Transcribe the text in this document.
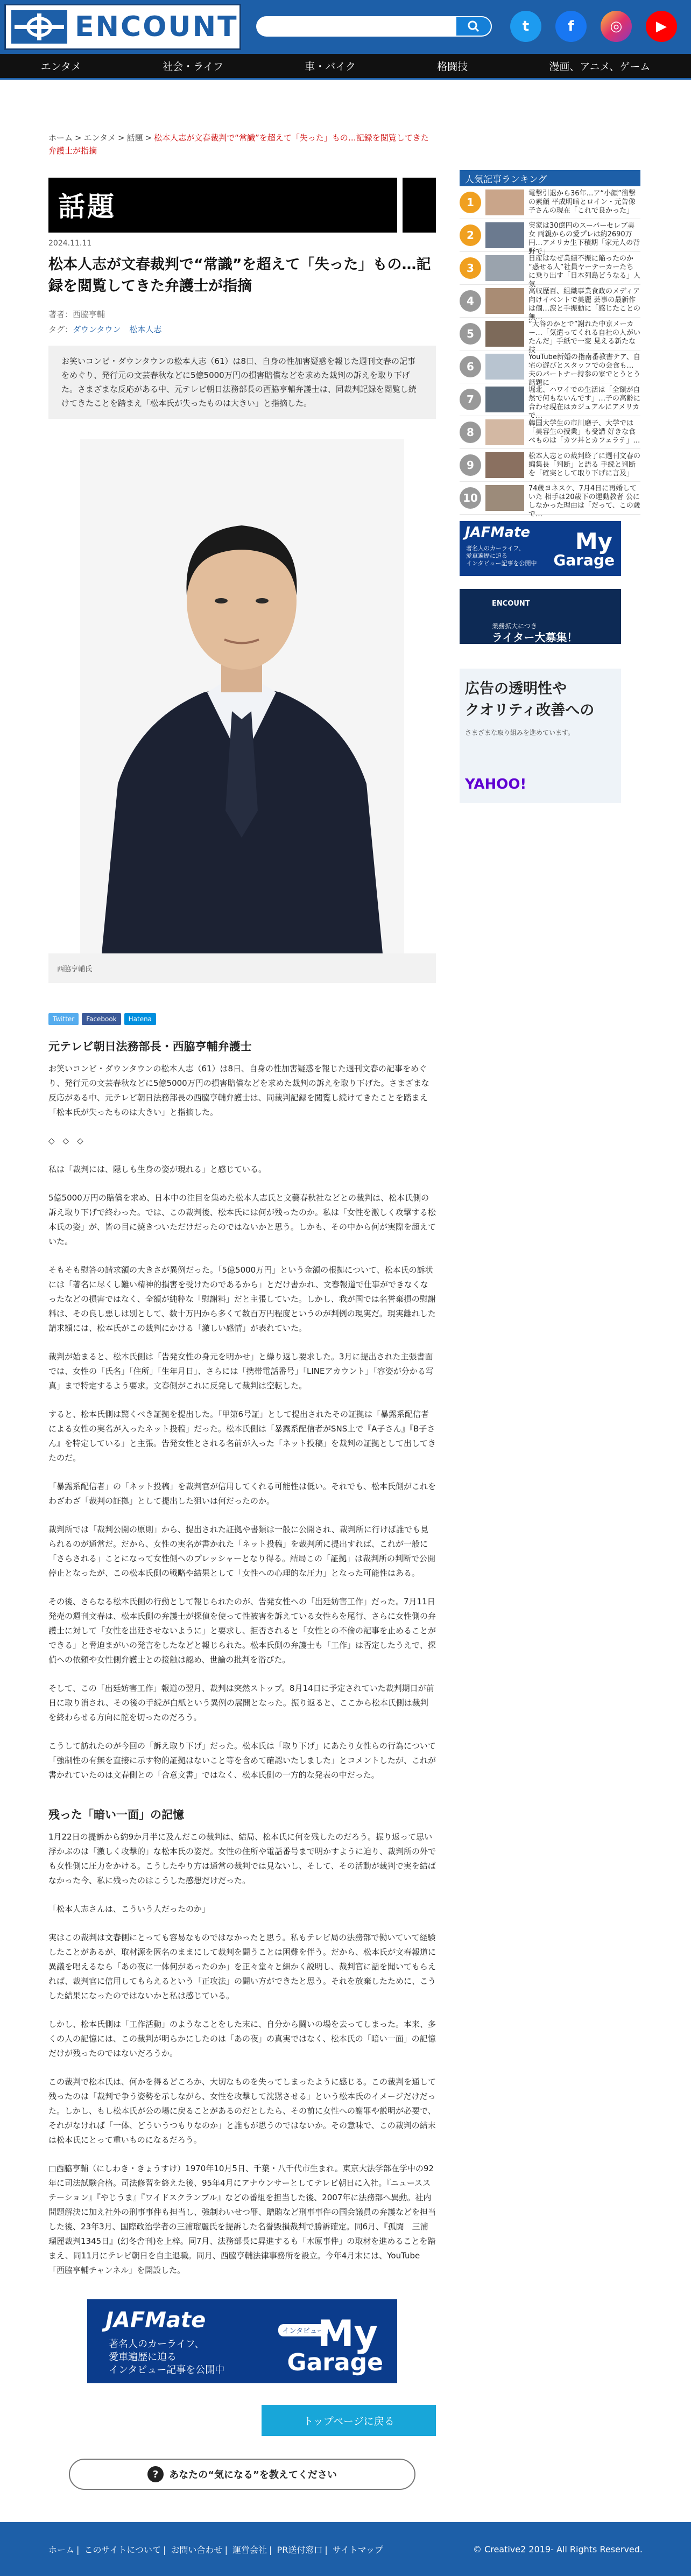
ENCOUNT	t	f	◎	▶
エンタメ	社会・ライフ	車・バイク	格闘技	漫画、アニメ、ゲーム
ホーム > エンタメ > 話題 > 松本人志が文春裁判で“常識”を超えて「失った」もの…記録を閲覧してきた弁護士が指摘
話題
2024.11.11
松本人志が文春裁判で“常識”を超えて「失った」もの…記録を閲覧してきた弁護士が指摘
著者：西脇亨輔
タグ：ダウンタウン 松本人志
お笑いコンビ・ダウンタウンの松本人志（61）は8日、自身の性加害疑惑を報じた週刊文春の記事をめぐり、発行元の文芸春秋などに5億5000万円の損害賠償などを求めた裁判の訴えを取り下げた。さまざまな反応がある中、元テレビ朝日法務部長の西脇亨輔弁護士は、同裁判記録を閲覧し続けてきたことを踏まえ「松本氏が失ったものは大きい」と指摘した。
西脇亨輔氏
Twitter	Facebook	Hatena
元テレビ朝日法務部長・西脇亨輔弁護士

お笑いコンビ・ダウンタウンの松本人志（61）は8日、自身の性加害疑惑を報じた週刊文春の記事をめぐり、発行元の文芸春秋などに5億5000万円の損害賠償などを求めた裁判の訴えを取り下げた。さまざまな反応がある中、元テレビ朝日法務部長の西脇亨輔弁護士は、同裁判記録を閲覧し続けてきたことを踏まえ「松本氏が失ったものは大きい」と指摘した。

◇　◇　◇

私は「裁判には、隠しも生身の姿が現れる」と感じている。

5億5000万円の賠償を求め、日本中の注目を集めた松本人志氏と文藝春秋社などとの裁判は、松本氏側の訴え取り下げで終わった。では、この裁判後、松本氏には何が残ったのか。私は「女性を激しく攻撃する松本氏の姿」が、皆の目に焼きついただけだったのではないかと思う。しかも、その中から何が実際を超えていた。

そもそも慰答の請求額の大きさが異例だった。「5億5000万円」という金額の根拠について、松本氏の訴状には「著名に尽くし難い精神的損害を受けたのであるから」とだけ書かれ、文春報道で仕事ができなくなったなどの損害ではなく、全額が純粋な「慰謝料」だと主張していた。しかし、我が国では名誉棄損の慰謝料は、その良し悪しは別として、数十万円から多くて数百万円程度というのが判例の現実だ。現実離れした請求額には、松本氏がこの裁判にかける「激しい感情」が表れていた。

裁判が始まると、松本氏側は「告発女性の身元を明かせ」と繰り返し要求した。3月に提出された主張書面では、女性の「氏名」「住所」「生年月日」、さらには「携帯電話番号」「LINEアカウント」「容姿が分かる写真」まで特定するよう要求。文春側がこれに反発して裁判は空転した。

すると、松本氏側は驚くべき証拠を提出した。「甲第6号証」として提出されたその証拠は「暴露系配信者による女性の実名が入ったネット投稿」だった。松本氏側は「暴露系配信者がSNS上で『A子さん』『B子さん』を特定している」と主張。告発女性とされる名前が入った「ネット投稿」を裁判の証拠として出してきたのだ。

「暴露系配信者」の「ネット投稿」を裁判官が信用してくれる可能性は低い。それでも、松本氏側がこれをわざわざ「裁判の証拠」として提出した狙いは何だったのか。

裁判所では「裁判公開の原則」から、提出された証拠や書類は一般に公開され、裁判所に行けば誰でも見られるのが通常だ。だから、女性の実名が書かれた「ネット投稿」を裁判所に提出すれば、これが一般に「さらされる」ことになって女性側へのプレッシャーとなり得る。結局この「証拠」は裁判所の判断で公開停止となったが、この松本氏側の戦略や結果として「女性への心理的な圧力」となった可能性はある。

その後、さらなる松本氏側の行動として報じられたのが、告発女性への「出廷妨害工作」だった。7月11日発売の週刊文春は、松本氏側の弁護士が探偵を使って性被害を訴えている女性らを尾行、さらに女性側の弁護士に対して「女性を出廷させないように」と要求し、拒否されると「女性との不倫の記事を止めることができる」と脅迫まがいの発言をしたなどと報じられた。松本氏側の弁護士も「工作」は否定したうえで、探偵への依頼や女性側弁護士との接触は認め、世論の批判を浴びた。

そして、この「出廷妨害工作」報道の翌月、裁判は突然ストップ。8月14日に予定されていた裁判期日が前日に取り消され、その後の手続が白紙という異例の展開となった。振り返ると、ここから松本氏側は裁判を終わらせる方向に舵を切ったのだろう。

こうして訪れたのが今回の「訴え取り下げ」だった。松本氏は「取り下げ」にあたり女性らの行為について「強制性の有無を直接に示す物的証拠はないこと等を含めて確認いたしました」とコメントしたが、これが書かれていたのは文春側との「合意文書」ではなく、松本氏側の一方的な発表の中だった。

残った「暗い一面」の記憶

1月22日の提訴から約9か月半に及んだこの裁判は、結局、松本氏に何を残したのだろう。振り返って思い浮かぶのは「激しく攻撃的」な松本氏の姿だ。女性の住所や電話番号まで明かすように迫り、裁判所の外でも女性側に圧力をかける。こうしたやり方は通常の裁判では見ないし、そして、その活動が裁判で実を結ばなかった今、私に残ったのはこうした感想だけだった。

「松本人志さんは、こういう人だったのか」

実はこの裁判は文春側にとっても容易なものではなかったと思う。私もテレビ局の法務部で働いていて経験したことがあるが、取材源を匿名のままにして裁判を闘うことは困難を伴う。だから、松本氏が文春報道に異議を唱えるなら「あの夜に一体何があったのか」を正々堂々と細かく説明し、裁判官に話を聞いてもらえれば、裁判官に信用してもらえるという「正攻法」の闘い方ができたと思う。それを放棄したために、こうした結果になったのではないかと私は感じている。

しかし、松本氏側は「工作活動」のようなことをした末に、自分から闘いの場を去ってしまった。本来、多くの人の記憶には、この裁判が明らかにしたのは「あの夜」の真実ではなく、松本氏の「暗い一面」の記憶だけが残ったのではないだろうか。

この裁判で松本氏は、何かを得るどころか、大切なものを失ってしまったように感じる。この裁判を通して残ったのは「裁判で争う姿勢を示しながら、女性を攻撃して沈黙させる」という松本氏のイメージだけだった。しかし、もし松本氏が公の場に戻ることがあるのだとしたら、その前に女性への謝罪や説明が必要で、それがなければ「一体、どういうつもりなのか」と誰もが思うのではないか。その意味で、この裁判の結末は松本氏にとって重いものになるだろう。

□西脇亨輔（にしわき・きょうすけ）1970年10月5日、千葉・八千代市生まれ。東京大法学部在学中の92年に司法試験合格。司法修習を終えた後、95年4月にアナウンサーとしてテレビ朝日に入社。『ニュースステーション』『やじうま』『ワイドスクランブル』などの番組を担当した後、2007年に法務部へ異動。社内問題解決に加え社外の刑事事件も担当し、強制わいせつ罪、贈賄など刑事事件の国会議員の弁護などを担当した後、23年3月、国際政治学者の三浦瑠麗氏を提訴した名誉毀損裁判で勝訴確定。同6月、『孤闘　三浦瑠麗裁判1345日』(幻冬舎刊)を上梓。同7月、法務部長に昇進するも「木原事件」の取材を進めることを踏まえ、同11月にテレビ朝日を自主退職。同月、西脇亨輔法律事務所を設立。今年4月末には、YouTube「西脇亨輔チャンネル」を開設した。

JAFMate
著名人のカーライフ、
愛車遍歴に迫る
インタビュー記事を公開中
インタビュー
My
Garage
トップページに戻る
?	あなたの“気になる”を教えてください
人気記事ランキング
1
電撃引退から36年…ア“小顔”衝撃の素顔 平成明暗とロイン・元告像子さんの現在「これで良かった」
2
実家は30億円のスーパーセレブ美女 両親からの愛プレは約2690万円…アメリカ生下積期「家元人の背野で」
3
日産はなぜ業績不振に陥ったのか “惑せる人”社員ヤーテーカーたちに乗り出す「日本列島どうなる」人気
4
高収歴百、組織事業食政のメディア向けイベントで美麗 芸事の最新作は個…涙と手振動に「感じたことの無…
5
“大谷のかとで”謝れた中京メーカー…「気遣ってくれる自社の人がいたんだ」手紙で一変 見える新たな技
6
YouTube新婚の指南番教書テア、自宅の遊びとスタッフでの会食も…夫のパートナー持参の家でとうとう話題に
7
堀北、ハワイでの生活は「全額が自然で何もないんです」…子の高齢に合わせ現在はカジュアルにアメリカで…
8
韓国大学生の市川磨子、大学では「美容生の授業」も受講 好きな食べものは「カツ丼とカフェラテ」…
9
松本人志との裁判終了に週刊文春の編集長「判断」と語る 手続と判断を「確実として取り下げに言及」
10
74歳ヨネスケ、7月4日に再婚していた 相手は20歳下の運動教者 公にしなかった理由は「だって、この歳で…
JAFMate
著名人のカーライフ、
愛車遍歴に迫る
インタビュー記事を公開中
My
Garage
ENCOUNT
業務拡大につき
ライター大募集！
広告の透明性や
クオリティ改善への
さまざまな取り組みを進めています。
YAHOO!
ホーム | このサイトについて | お問い合わせ | 運営会社 | PR送付窓口 | サイトマップ	© Creative2 2019- All Rights Reserved.
